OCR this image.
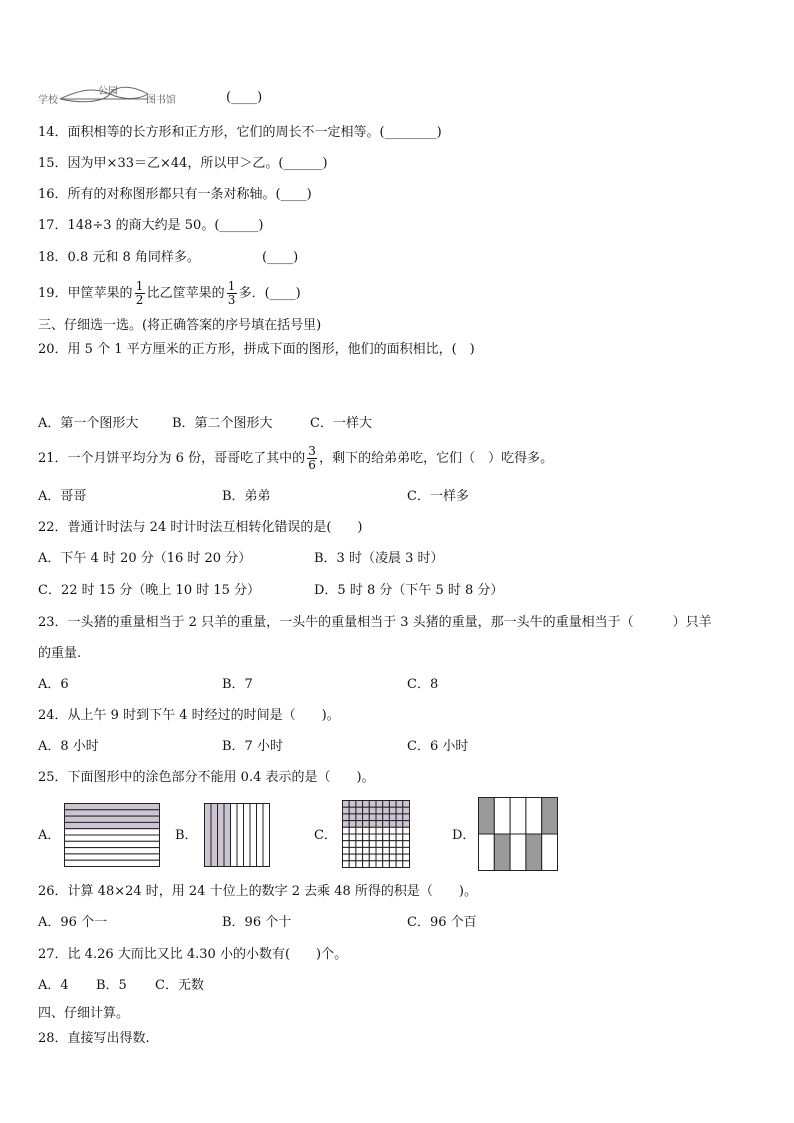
学校
公园
图书馆	(____)
14．面积相等的长方形和正方形，它们的周长不一定相等。(________)
15．因为甲×33＝乙×44，所以甲＞乙。(______)
16．所有的对称图形都只有一条对称轴。(____)
17．148÷3 的商大约是 50。(______)
18．0.8 元和 8 角同样多。	(____)
19．甲筐苹果的 $\frac{1}{2}$ 比乙筐苹果的 $\frac{1}{3}$ 多．(____)
三、仔细选一选。(将正确答案的序号填在括号里)
20．用 5 个 1 平方厘米的正方形，拼成下面的图形，他们的面积相比，(　)
A．第一个图形大	B．第二个图形大	C．一样大
21．一个月饼平均分为 6 份，哥哥吃了其中的 $\frac{3}{6}$ ，剩下的给弟弟吃，它们（　）吃得多。
A．哥哥	B．弟弟	C．一样多
22．普通计时法与 24 时计时法互相转化错误的是(　　)
A．下午 4 时 20 分（16 时 20 分）	B．3 时（凌晨 3 时）
C．22 时 15 分（晚上 10 时 15 分）	D．5 时 8 分（下午 5 时 8 分）
23．一头猪的重量相当于 2 只羊的重量，一头牛的重量相当于 3 头猪的重量，那一头牛的重量相当于（　　　）只羊
的重量.
A．6	B．7	C．8
24．从上午 9 时到下午 4 时经过的时间是（　　)。
A．8 小时	B．7 小时	C．6 小时
25．下面图形中的涂色部分不能用 0.4 表示的是（　　)。
A．	B．	C．	D．
26．计算 48×24 时，用 24 十位上的数字 2 去乘 48 所得的积是（　　)。
A．96 个一	B．96 个十	C．96 个百
27．比 4.26 大而比又比 4.30 小的小数有(　　)个。
A．4 B．5 C．无数
四、仔细计算。
28．直接写出得数.
